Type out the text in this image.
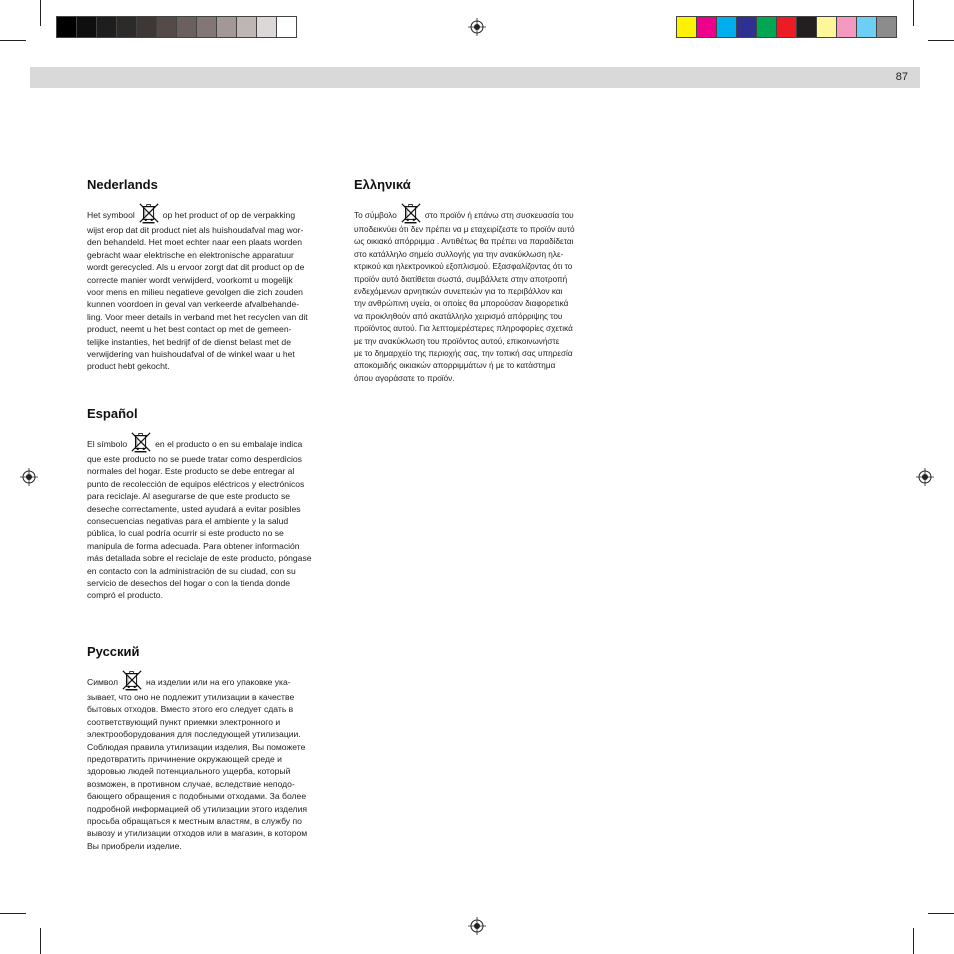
87
Nederlands
Het symbool	op het product of op de verpakking
wijst erop dat dit product niet als huishoudafval mag wor-
den behandeld. Het moet echter naar een plaats worden
gebracht waar elektrische en elektronische apparatuur
wordt gerecycled. Als u ervoor zorgt dat dit product op de
correcte manier wordt verwijderd, voorkomt u mogelijk
voor mens en milieu negatieve gevolgen die zich zouden
kunnen voordoen in geval van verkeerde afvalbehande-
ling. Voor meer details in verband met het recyclen van dit
product, neemt u het best contact op met de gemeen-
telijke instanties, het bedrijf of de dienst belast met de
verwijdering van huishoudafval of de winkel waar u het
product hebt gekocht.
Español
El símbolo	en el producto o en su embalaje indica
que este producto no se puede tratar como desperdicios
normales del hogar. Este producto se debe entregar al
punto de recolección de equipos eléctricos y electrónicos
para reciclaje. Al asegurarse de que este producto se
deseche correctamente, usted ayudará a evitar posibles
consecuencias negativas para el ambiente y la salud
pública, lo cual podría ocurrir si este producto no se
manipula de forma adecuada. Para obtener información
más detallada sobre el reciclaje de este producto, póngase
en contacto con la administración de su ciudad, con su
servicio de desechos del hogar o con la tienda donde
compró el producto.
Русский
Символ	на изделии или на его упаковке ука-
зывает, что оно не подлежит утилизации в качестве
бытовых отходов. Вместо этого его следует сдать в
соответствующий пункт приемки электронного и
электрооборудования для последующей утилизации.
Соблюдая правила утилизации изделия, Вы поможете
предотвратить причинение окружающей среде и
здоровью людей потенциального ущерба, который
возможен, в противном случае, вследствие неподо-
бающего обращения с подобными отходами. За более
подробной информацией об утилизации этого изделия
просьба обращаться к местным властям, в службу по
вывозу и утилизации отходов или в магазин, в котором
Вы приобрели изделие.
Ελληνικά
Το σύμβολο	στο προϊόν ή επάνω στη συσκευασία του
υποδεικνύει ότι δεν πρέπει να μ εταχειρίζεστε το προϊόν αυτό
ως οικιακό απόρριμμα . Αντιθέτως θα πρέπει να παραδίδεται
στο κατάλληλο σημείο συλλογής για την ανακύκλωση ηλε-
κτρικού και ηλεκτρονικού εξοπλισμού. Εξασφαλίζοντας ότι το
προϊόν αυτό διατίθεται σωστά, συμβάλλετε στην αποτροπή
ενδεχόμενων αρνητικών συνεπειών για το περιβάλλον και
την ανθρώπινη υγεία, οι οποίες θα μπορούσαν διαφορετικά
να προκληθούν από ακατάλληλο χειρισμό απόρριψης του
προϊόντος αυτού. Για λεπτομερέστερες πληροφορίες σχετικά
με την ανακύκλωση του προϊόντος αυτού, επικοινωνήστε
με το δημαρχείο της περιοχής σας, την τοπική σας υπηρεσία
αποκομιδής οικιακών απορριμμάτων ή με το κατάστημα
όπου αγοράσατε το προϊόν.
